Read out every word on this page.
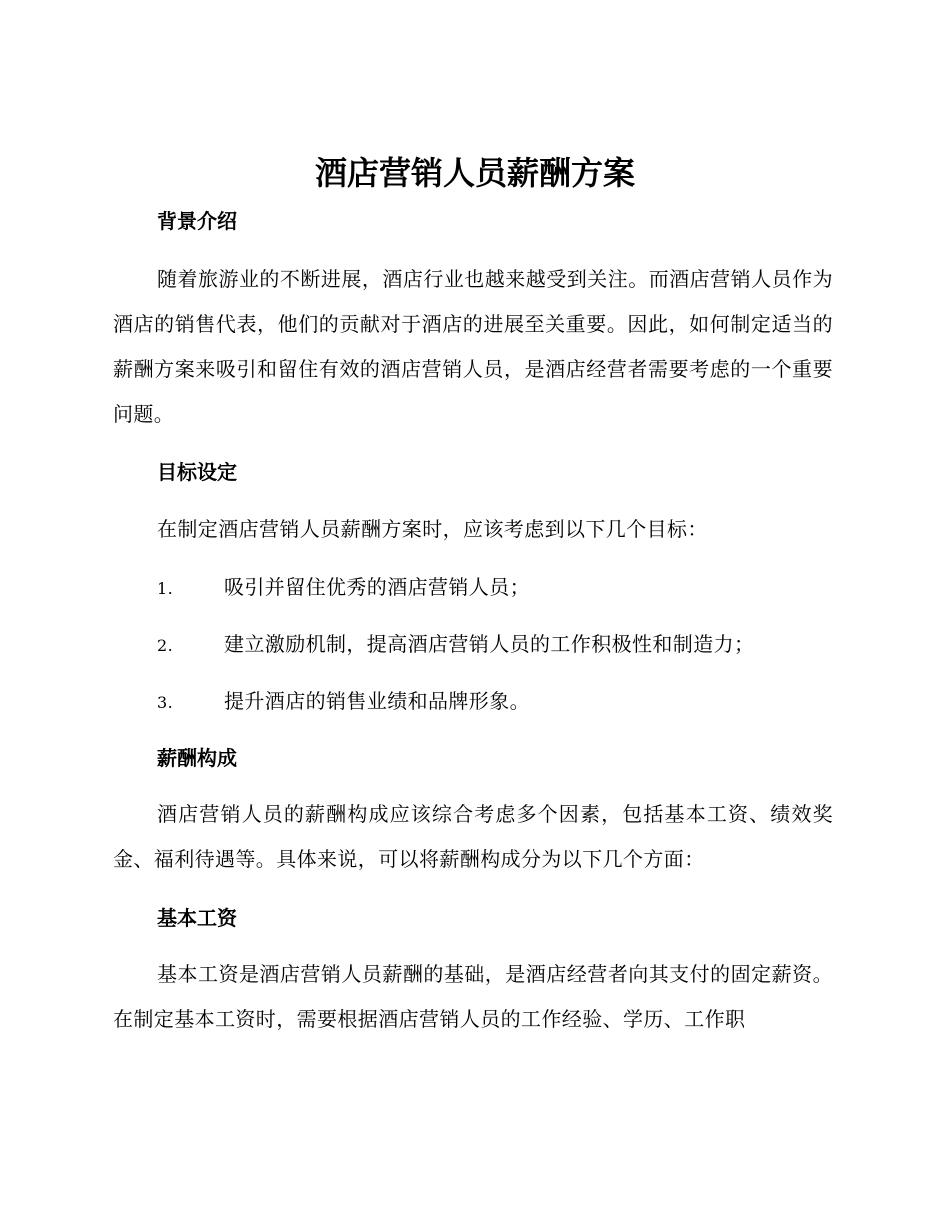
酒店营销人员薪酬方案
背景介绍
随着旅游业的不断进展，酒店行业也越来越受到关注。而酒店营销人员作为酒店的销售代表，他们的贡献对于酒店的进展至关重要。因此，如何制定适当的薪酬方案来吸引和留住有效的酒店营销人员，是酒店经营者需要考虑的一个重要问题。
目标设定
在制定酒店营销人员薪酬方案时，应该考虑到以下几个目标：
1.	吸引并留住优秀的酒店营销人员；
2.	建立激励机制，提高酒店营销人员的工作积极性和制造力；
3.	提升酒店的销售业绩和品牌形象。
薪酬构成
酒店营销人员的薪酬构成应该综合考虑多个因素，包括基本工资、绩效奖金、福利待遇等。具体来说，可以将薪酬构成分为以下几个方面：
基本工资
基本工资是酒店营销人员薪酬的基础，是酒店经营者向其支付的固定薪资。在制定基本工资时，需要根据酒店营销人员的工作经验、学历、工作职
